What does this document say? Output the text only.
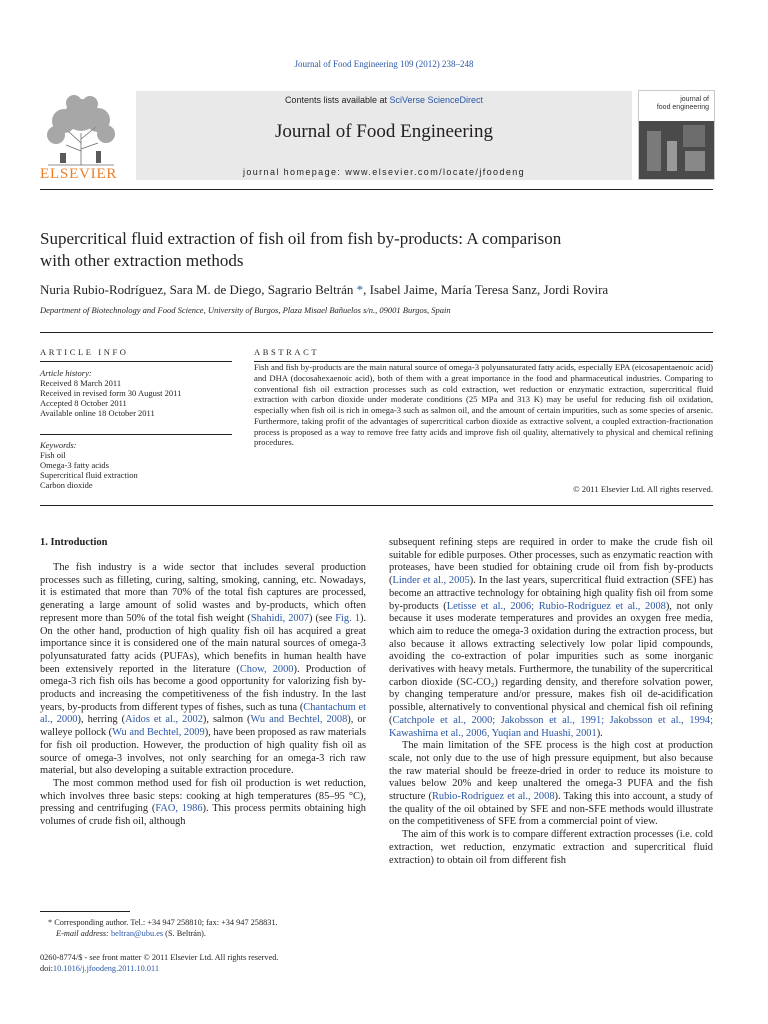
Journal of Food Engineering 109 (2012) 238–248
Contents lists available at SciVerse ScienceDirect
Journal of Food Engineering
journal homepage: www.elsevier.com/locate/jfoodeng
ELSEVIER
journal of
food engineering
Supercritical fluid extraction of fish oil from fish by-products: A comparison
with other extraction methods
Nuria Rubio-Rodríguez, Sara M. de Diego, Sagrario Beltrán *, Isabel Jaime, María Teresa Sanz, Jordi Rovira
Department of Biotechnology and Food Science, University of Burgos, Plaza Misael Bañuelos s/n., 09001 Burgos, Spain
ARTICLE INFO
Article history:
Received 8 March 2011
Received in revised form 30 August 2011
Accepted 8 October 2011
Available online 18 October 2011
Keywords:
Fish oil
Omega-3 fatty acids
Supercritical fluid extraction
Carbon dioxide
ABSTRACT
Fish and fish by-products are the main natural source of omega-3 polyunsaturated fatty acids, especially EPA (eicosapentaenoic acid) and DHA (docosahexaenoic acid), both of them with a great importance in the food and pharmaceutical industries. Comparing to conventional fish oil extraction processes such as cold extraction, wet reduction or enzymatic extraction, supercritical fluid extraction with carbon dioxide under moderate conditions (25 MPa and 313 K) may be useful for reducing fish oil oxidation, especially when fish oil is rich in omega-3 such as salmon oil, and the amount of certain impurities, such as some species of arsenic. Furthermore, taking profit of the advantages of supercritical carbon dioxide as extractive solvent, a coupled extraction-fractionation process is proposed as a way to remove free fatty acids and improve fish oil quality, alternatively to physical and chemical refining procedures.
© 2011 Elsevier Ltd. All rights reserved.
1. Introduction

The fish industry is a wide sector that includes several production processes such as filleting, curing, salting, smoking, canning, etc. Nowadays, it is estimated that more than 70% of the total fish captures are processed, generating a large amount of solid wastes and by-products, which often represent more than 50% of the total fish weight (Shahidi, 2007) (see Fig. 1). On the other hand, production of high quality fish oil has acquired a great importance since it is considered one of the main natural sources of omega-3 polyunsaturated fatty acids (PUFAs), which benefits in human health have been extensively reported in the literature (Chow, 2000). Production of omega-3 rich fish oils has become a good opportunity for valorizing fish by-products and increasing the competitiveness of the fish industry. In the last years, by-products from different types of fishes, such as tuna (Chantachum et al., 2000), herring (Aidos et al., 2002), salmon (Wu and Bechtel, 2008), or walleye pollock (Wu and Bechtel, 2009), have been proposed as raw materials for fish oil production. However, the production of high quality fish oil as source of omega-3 involves, not only searching for an omega-3 rich raw material, but also developing a suitable extraction procedure.

The most common method used for fish oil production is wet reduction, which involves three basic steps: cooking at high temperatures (85–95 °C), pressing and centrifuging (FAO, 1986). This process permits obtaining high volumes of crude fish oil, although

subsequent refining steps are required in order to make the crude fish oil suitable for edible purposes. Other processes, such as enzymatic reaction with proteases, have been studied for obtaining crude oil from fish by-products (Linder et al., 2005). In the last years, supercritical fluid extraction (SFE) has become an attractive technology for obtaining high quality fish oil from some by-products (Letisse et al., 2006; Rubio-Rodríguez et al., 2008), not only because it uses moderate temperatures and provides an oxygen free media, which aim to reduce the omega-3 oxidation during the extraction process, but also because it allows extracting selectively low polar lipid compounds, avoiding the co-extraction of polar impurities such as some inorganic derivatives with heavy metals. Furthermore, the tunability of the supercritical carbon dioxide (SC-CO₂) regarding density, and therefore solvation power, by changing temperature and/or pressure, makes fish oil de-acidification possible, alternatively to conventional physical and chemical fish oil refining (Catchpole et al., 2000; Jakobsson et al., 1991; Jakobsson et al., 1994; Kawashima et al., 2006, Yuqian and Huashi, 2001).

The main limitation of the SFE process is the high cost at production scale, not only due to the use of high pressure equipment, but also because the raw material should be freeze-dried in order to reduce its moisture to values below 20% and keep unaltered the omega-3 PUFA and the fish structure (Rubio-Rodríguez et al., 2008). Taking this into account, a study of the quality of the oil obtained by SFE and non-SFE methods would illustrate on the competitiveness of SFE from a commercial point of view.

The aim of this work is to compare different extraction processes (i.e. cold extraction, wet reduction, enzymatic extraction and supercritical fluid extraction) to obtain oil from different fish

* Corresponding author. Tel.: +34 947 258810; fax: +34 947 258831.
E-mail address: beltran@ubu.es (S. Beltrán).
0260-8774/$ - see front matter © 2011 Elsevier Ltd. All rights reserved.
doi:10.1016/j.jfoodeng.2011.10.011
